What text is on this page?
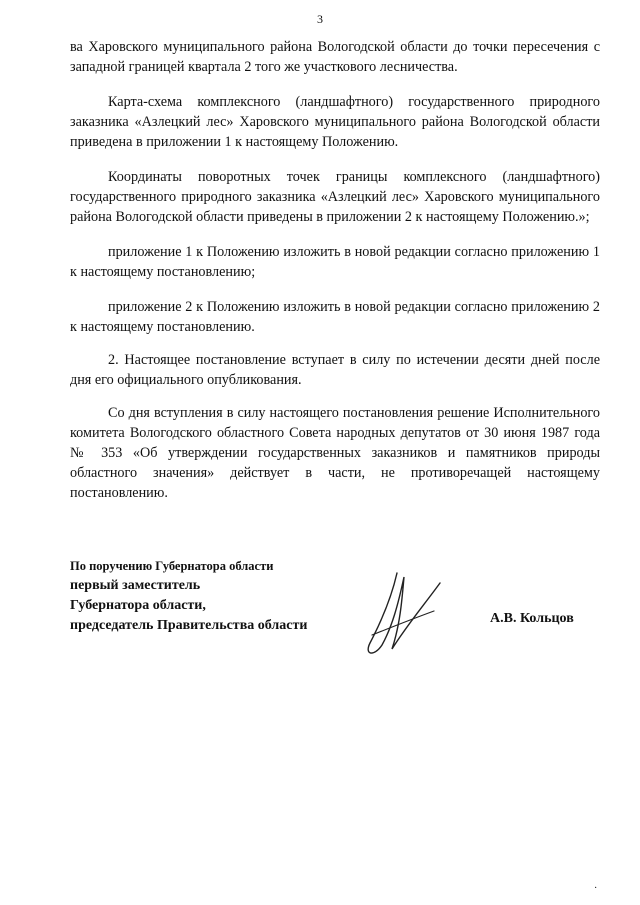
3

ва Харовского муниципального района Вологодской области до точки пересечения с западной границей квартала 2 того же участкового лесничества.

Карта-схема комплексного (ландшафтного) государственного природного заказника «Азлецкий лес» Харовского муниципального района Вологодской области приведена в приложении 1 к настоящему Положению.

Координаты поворотных точек границы комплексного (ландшафтного) государственного природного заказника «Азлецкий лес» Харовского муниципального района Вологодской области приведены в приложении 2 к настоящему Положению.»;

приложение 1 к Положению изложить в новой редакции согласно приложению 1 к настоящему постановлению;

приложение 2 к Положению изложить в новой редакции согласно приложению 2 к настоящему постановлению.

2. Настоящее постановление вступает в силу по истечении десяти дней после дня его официального опубликования.

Со дня вступления в силу настоящего постановления решение Исполнительного комитета Вологодского областного Совета народных депутатов от 30 июня 1987 года № 353 «Об утверждении государственных заказников и памятников природы областного значения» действует в части, не противоречащей настоящему постановлению.

По поручению Губернатора области
первый заместитель
Губернатора области,
председатель Правительства области	А.В. Кольцов
·
